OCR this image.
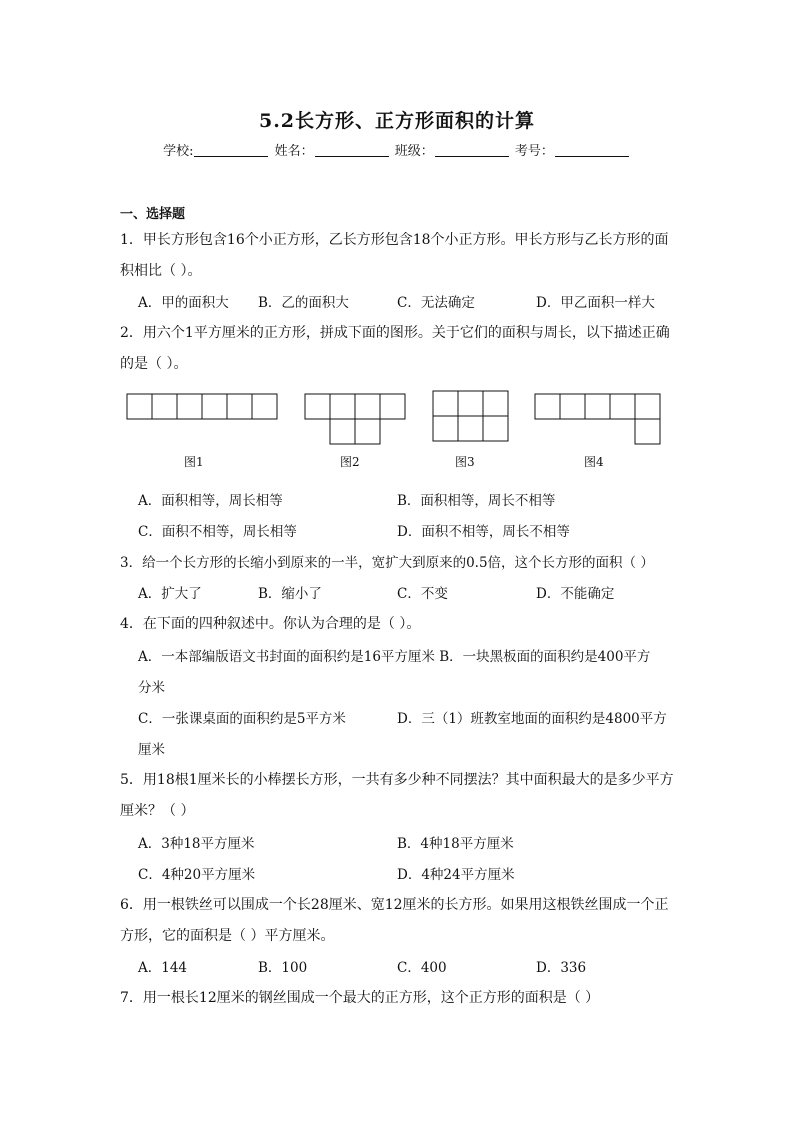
5.2长方形、正方形面积的计算
学校:	姓名：	班级：	考号：
一、选择题
1．甲长方形包含16个小正方形，乙长方形包含18个小正方形。甲长方形与乙长方形的面
积相比（ ）。
A．甲的面积大 B．乙的面积大	C．无法确定	D．甲乙面积一样大
2．用六个1平方厘米的正方形，拼成下面的图形。关于它们的面积与周长，以下描述正确
的是（ ）。
图1	图2	图3	图4
A．面积相等，周长相等	B．面积相等，周长不相等
C．面积不相等，周长相等	D．面积不相等，周长不相等
3．给一个长方形的长缩小到原来的一半，宽扩大到原来的0.5倍，这个长方形的面积（ ）
A．扩大了	B．缩小了	C．不变	D．不能确定
4．在下面的四种叙述中。你认为合理的是（ ）。
A．一本部编版语文书封面的面积约是16平方厘米 B．一块黑板面的面积约是400平方
分米
C．一张课桌面的面积约是5平方米	D．三（1）班教室地面的面积约是4800平方
厘米
5．用18根1厘米长的小棒摆长方形，一共有多少种不同摆法？其中面积最大的是多少平方
厘米？（ ）
A．3种18平方厘米	B．4种18平方厘米
C．4种20平方厘米	D．4种24平方厘米
6．用一根铁丝可以围成一个长28厘米、宽12厘米的长方形。如果用这根铁丝围成一个正
方形，它的面积是（ ）平方厘米。
A．144	B．100	C．400	D．336
7．用一根长12厘米的钢丝围成一个最大的正方形，这个正方形的面积是（ ）
